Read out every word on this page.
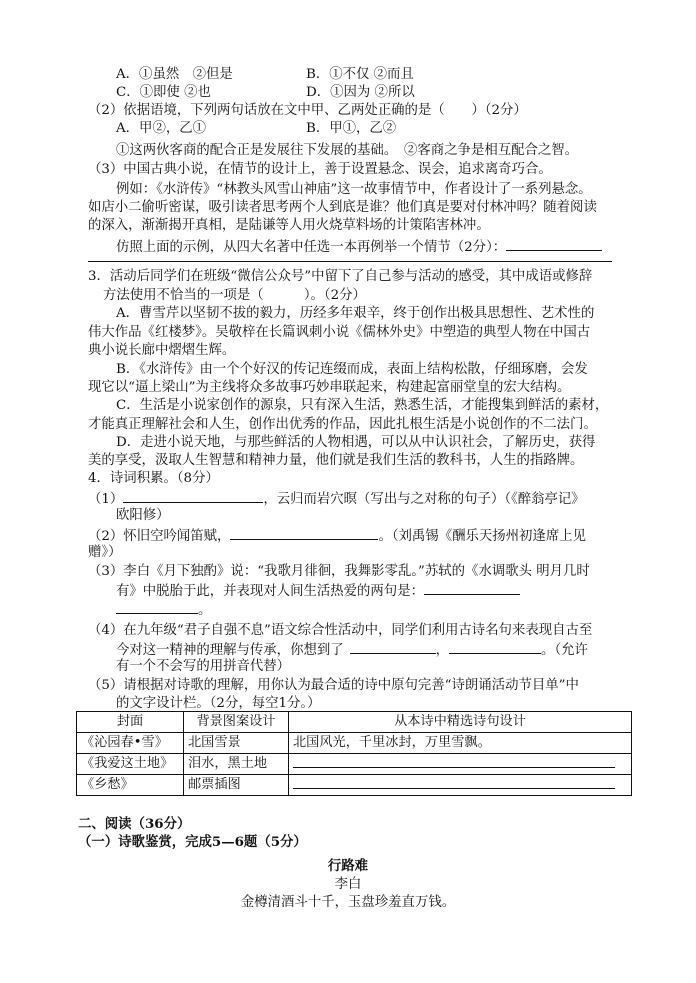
A．①虽然　②但是	B．①不仅 ②而且
C．①即使 ②也	D．①因为 ②所以
（2）依据语境，下列两句话放在文中甲、乙两处正确的是（　　）（2分）
A．甲②，乙①	B．甲①，乙②
①这两伙客商的配合正是发展往下发展的基础。 ②客商之争是相互配合之智。
（3）中国古典小说，在情节的设计上，善于设置悬念、误会，追求离奇巧合。
例如：《水浒传》“林教头风雪山神庙”这一故事情节中，作者设计了一系列悬念。
如店小二偷听密谋，吸引读者思考两个人到底是谁？他们真是要对付林冲吗？随着阅读
的深入，渐渐揭开真相，是陆谦等人用火烧草料场的计策陷害林冲。
仿照上面的示例，从四大名著中任选一本再例举一个情节（2分）：
3．活动后同学们在班级“微信公众号”中留下了自己参与活动的感受，其中成语或修辞
方法使用不恰当的一项是（　　　）。（2分）
A．曹雪芹以坚韧不拔的毅力，历经多年艰辛，终于创作出极具思想性、艺术性的
伟大作品《红楼梦》。吴敬梓在长篇讽刺小说《儒林外史》中塑造的典型人物在中国古
典小说长廊中熠熠生辉。
B．《水浒传》由一个个好汉的传记连缀而成，表面上结构松散，仔细琢磨，会发
现它以“逼上梁山”为主线将众多故事巧妙串联起来，构建起富丽堂皇的宏大结构。
C．生活是小说家创作的源泉，只有深入生活，熟悉生活，才能搜集到鲜活的素材，
才能真正理解社会和人生，创作出优秀的作品，因此扎根生活是小说创作的不二法门。
D．走进小说天地，与那些鲜活的人物相遇，可以从中认识社会，了解历史，获得
美的享受，汲取人生智慧和精神力量，他们就是我们生活的教科书，人生的指路牌。
4．诗词积累。（8分）
（1）	，云归而岩穴暝（写出与之对称的句子）（《醉翁亭记》
欧阳修）
（2）怀旧空吟闻笛赋，	。（刘禹锡《酬乐天扬州初逢席上见
赠》）
（3）李白《月下独酌》说：“我歌月徘徊，我舞影零乱。”苏轼的《水调歌头 明月几时
有》中脱胎于此，并表现对人间生活热爱的两句是：
。
（4）在九年级“君子自强不息”语文综合性活动中，同学们利用古诗名句来表现自古至
今对这一精神的理解与传承，你想到了	，	。（允许
有一个不会写的用拼音代替）
（5）请根据对诗歌的理解，用你认为最合适的诗中原句完善“诗朗诵活动节目单”中
的文字设计栏。（2分，每空1分。）
封面	背景图案设计	从本诗中精选诗句设计
《沁园春•雪》	北国雪景	北国风光，千里冰封，万里雪飘。
《我爱这土地》	泪水，黑土地	
《乡愁》	邮票插图	
二、阅读（36分）
（一）诗歌鉴赏，完成5—6题（5分）
行路难
李白
金樽清酒斗十千，玉盘珍羞直万钱。
